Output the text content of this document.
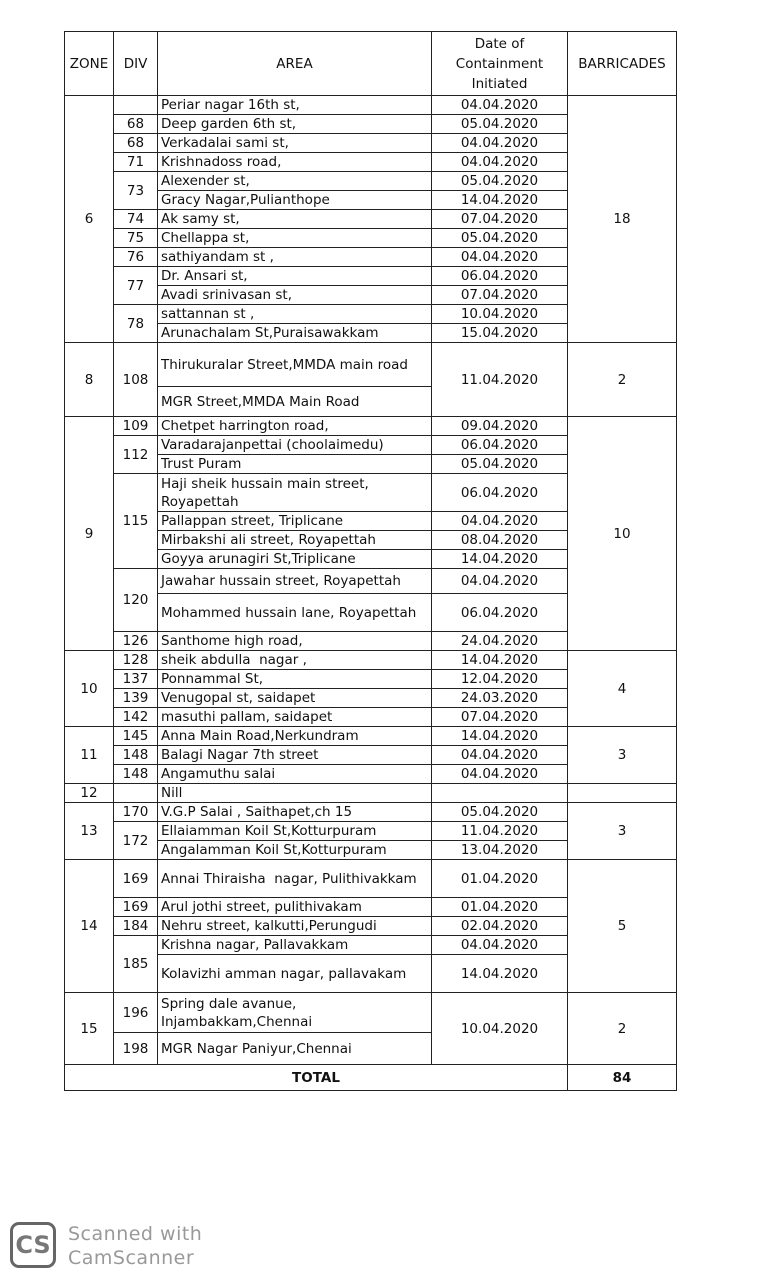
ZONE	DIV	AREA	Date of
Containment
Initiated	BARRICADES
6		Periar nagar 16th st,	04.04.2020	18
	68	Deep garden 6th st,	05.04.2020	
	68	Verkadalai sami st,	04.04.2020	
	71	Krishnadoss road,	04.04.2020	
	73	Alexender st,	05.04.2020	
		Gracy Nagar,Pulianthope	14.04.2020	
	74	Ak samy st,	07.04.2020	
	75	Chellappa st,	05.04.2020	
	76	sathiyandam st ,	04.04.2020	
	77	Dr. Ansari st,	06.04.2020	
		Avadi srinivasan st,	07.04.2020	
	78	sattannan st ,	10.04.2020	
		Arunachalam St,Puraisawakkam	15.04.2020	
8	108	Thirukuralar Street,MMDA main road	11.04.2020	2
		MGR Street,MMDA Main Road		
9	109	Chetpet harrington road,	09.04.2020	10
	112	Varadarajanpettai (choolaimedu)	06.04.2020	
		Trust Puram	05.04.2020	
	115	Haji sheik hussain main street, Royapettah	06.04.2020	
		Pallappan street, Triplicane	04.04.2020	
		Mirbakshi ali street, Royapettah	08.04.2020	
		Goyya arunagiri St,Triplicane	14.04.2020	
	120	Jawahar hussain street, Royapettah	04.04.2020	
		Mohammed hussain lane, Royapettah	06.04.2020	
	126	Santhome high road,	24.04.2020	
10	128	sheik abdulla  nagar ,	14.04.2020	4
	137	Ponnammal St,	12.04.2020	
	139	Venugopal st, saidapet	24.03.2020	
	142	masuthi pallam, saidapet	07.04.2020	
11	145	Anna Main Road,Nerkundram	14.04.2020	3
	148	Balagi Nagar 7th street	04.04.2020	
	148	Angamuthu salai	04.04.2020	
12		Nill		
13	170	V.G.P Salai , Saithapet,ch 15	05.04.2020	3
	172	Ellaiamman Koil St,Kotturpuram	11.04.2020	
		Angalamman Koil St,Kotturpuram	13.04.2020	
14	169	Annai Thiraisha  nagar, Pulithivakkam	01.04.2020	5
	169	Arul jothi street, pulithivakam	01.04.2020	
	184	Nehru street, kalkutti,Perungudi	02.04.2020	
	185	Krishna nagar, Pallavakkam	04.04.2020	
		Kolavizhi amman nagar, pallavakam	14.04.2020	
15	196	Spring dale avanue, Injambakkam,Chennai	10.04.2020	2
	198	MGR Nagar Paniyur,Chennai		
TOTAL				84
CS Scanned with
CamScanner
